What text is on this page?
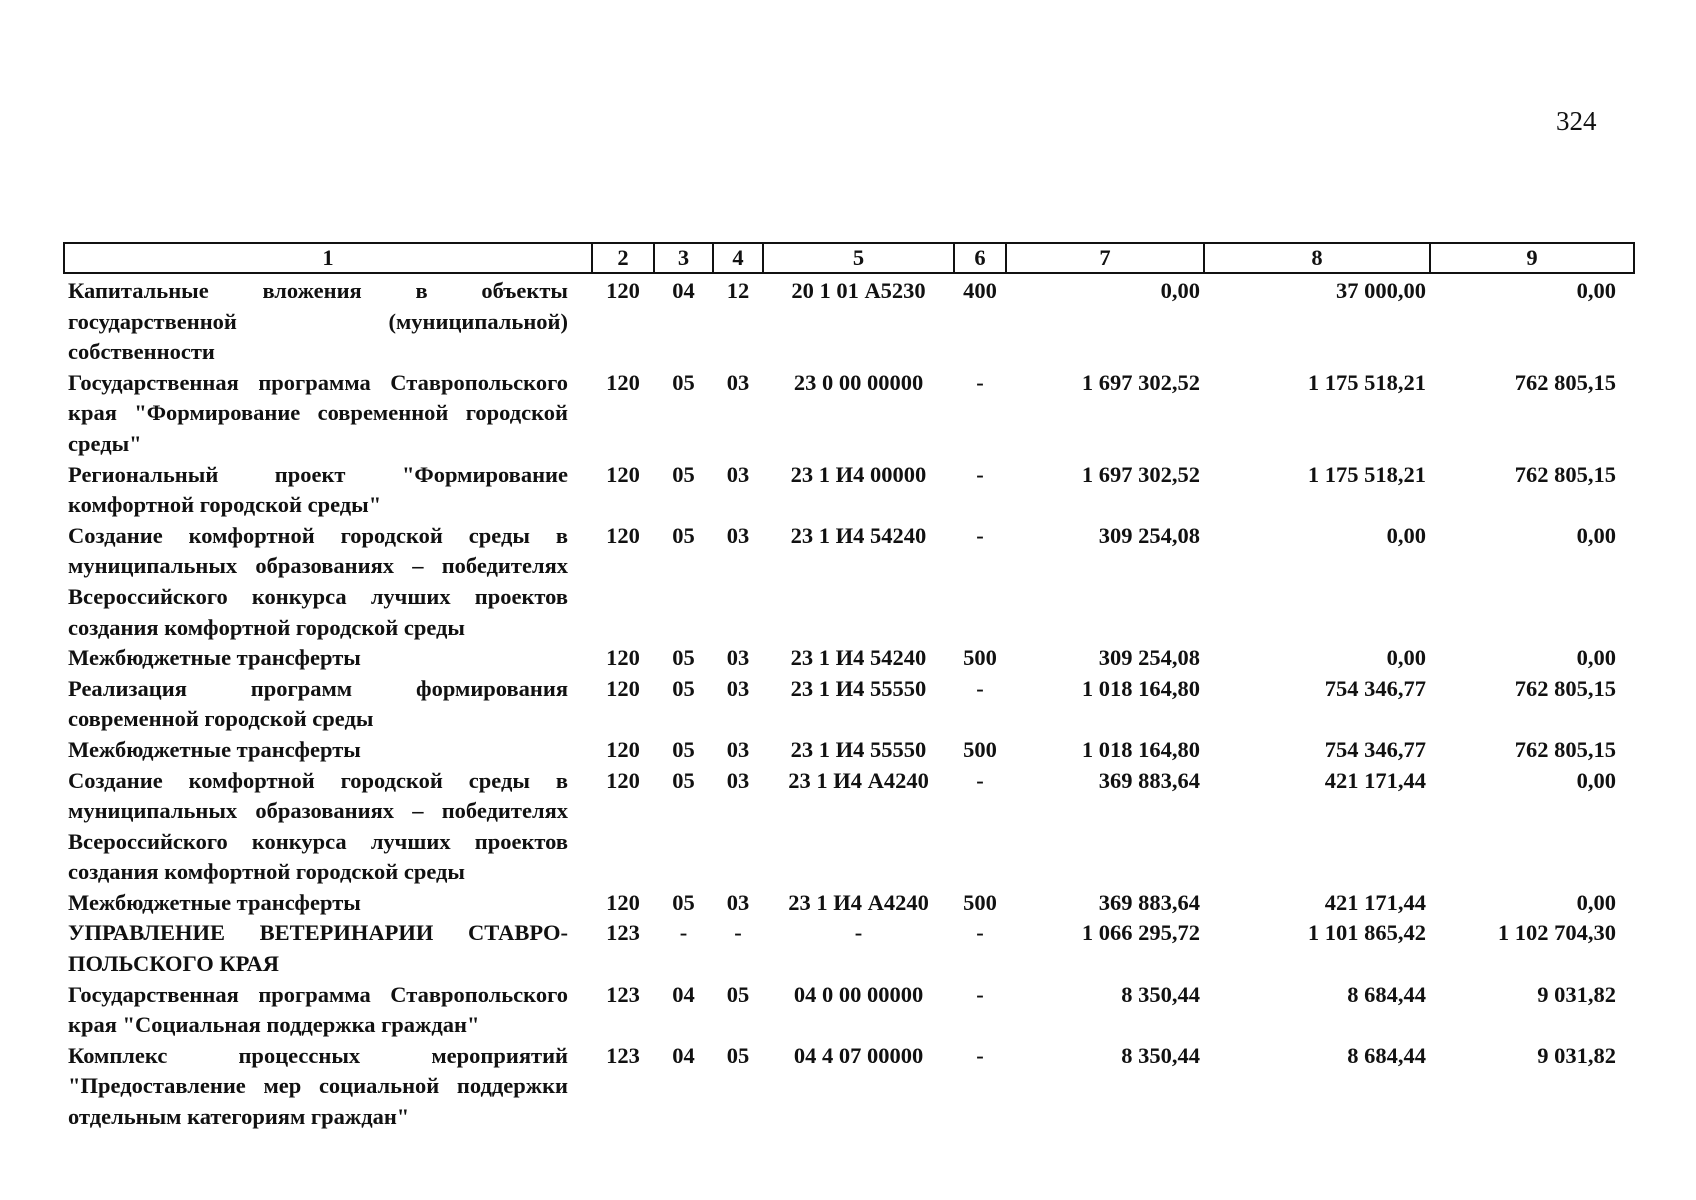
324
1	2	3	4	5	6	7	8	9
Капитальные вложения в объекты государственной (муниципальной) собственности	120	04	12	20 1 01 А5230	400	0,00	37 000,00	0,00
Государственная программа Ставропольского края "Формирование современной городской среды"	120	05	03	23 0 00 00000	-	1 697 302,52	1 175 518,21	762 805,15
Региональный проект "Формирование комфортной городской среды"	120	05	03	23 1 И4 00000	-	1 697 302,52	1 175 518,21	762 805,15
Создание комфортной городской среды в муниципальных образованиях – победителях Всероссийского конкурса лучших проектов создания комфортной городской среды	120	05	03	23 1 И4 54240	-	309 254,08	0,00	0,00
Межбюджетные трансферты	120	05	03	23 1 И4 54240	500	309 254,08	0,00	0,00
Реализация программ формирования современной городской среды	120	05	03	23 1 И4 55550	-	1 018 164,80	754 346,77	762 805,15
Межбюджетные трансферты	120	05	03	23 1 И4 55550	500	1 018 164,80	754 346,77	762 805,15
Создание комфортной городской среды в муниципальных образованиях – победителях Всероссийского конкурса лучших проектов создания комфортной городской среды	120	05	03	23 1 И4 А4240	-	369 883,64	421 171,44	0,00
Межбюджетные трансферты	120	05	03	23 1 И4 А4240	500	369 883,64	421 171,44	0,00
УПРАВЛЕНИЕ ВЕТЕРИНАРИИ СТАВРО-ПОЛЬСКОГО КРАЯ	123	-	-	-	-	1 066 295,72	1 101 865,42	1 102 704,30
Государственная программа Ставропольского края "Социальная поддержка граждан"	123	04	05	04 0 00 00000	-	8 350,44	8 684,44	9 031,82
Комплекс процессных мероприятий "Предоставление мер социальной поддержки отдельным категориям граждан"	123	04	05	04 4 07 00000	-	8 350,44	8 684,44	9 031,82
